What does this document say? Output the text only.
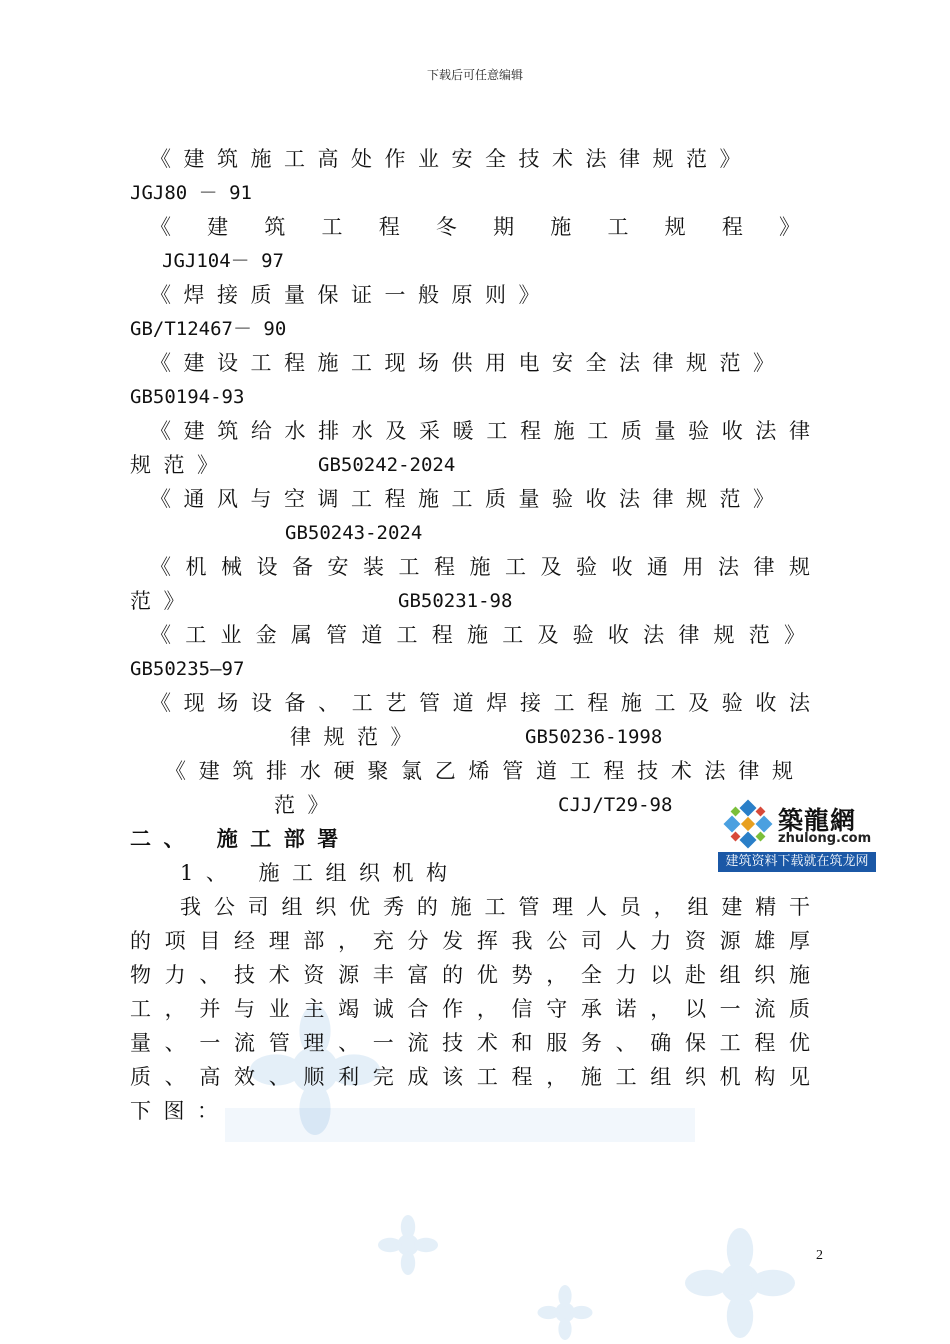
下载后可任意编辑
《建筑施工高处作业安全技术法律规范》
JGJ80 － 91
《建筑工程冬期施工规程》
JGJ104－ 97
《焊接质量保证一般原则》
GB/T12467－ 90
《建设工程施工现场供用电安全法律规范》
GB50194-93
《建筑给水排水及采暖工程施工质量验收法律
规范》	GB50242-2024
《通风与空调工程施工质量验收法律规范》
GB50243-2024
《机械设备安装工程施工及验收通用法律规
范》	GB50231-98
《工业金属管道工程施工及验收法律规范》
GB50235—97
《现场设备、工艺管道焊接工程施工及验收法
律规范》	GB50236-1998
《建筑排水硬聚氯乙烯管道工程技术法律规
范》	CJJ/T29-98
二、 施工部署
1、 施工组织机构
我公司组织优秀的施工管理人员，组建精干
的项目经理部，充分发挥我公司人力资源雄厚
物力、技术资源丰富的优势，全力以赴组织施
工，并与业主竭诚合作，信守承诺，以一流质
量、一流管理、一流技术和服务、确保工程优
质、高效、顺利完成该工程，施工组织机构见
下图：
築龍網
zhulong.com
建筑资料下载就在筑龙网
2
